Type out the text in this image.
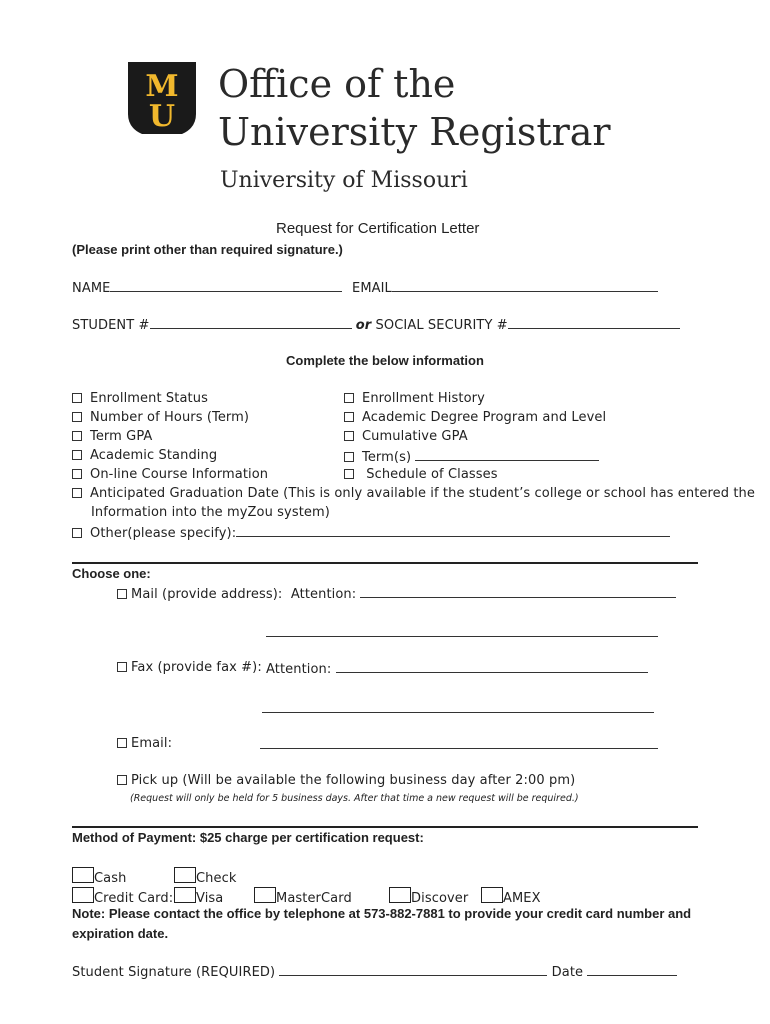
M
U
Office of the
University Registrar
University of Missouri
Request for Certification Letter
(Please print other than required signature.)
NAME	EMAIL
STUDENT #	or SOCIAL SECURITY #
Complete the below information
Enrollment Status
Number of Hours (Term)
Term GPA
Academic Standing
On-line Course Information
Enrollment History
Academic Degree Program and Level
Cumulative GPA
Term(s)
Schedule of Classes
Anticipated Graduation Date (This is only available if the student’s college or school has entered the
Information into the myZou system)
Other(please specify):
Choose one:
Mail (provide address): Attention:
Fax (provide fax #): Attention:
Email:
Pick up (Will be available the following business day after 2:00 pm)
(Request will only be held for 5 business days. After that time a new request will be required.)
Method of Payment: $25 charge per certification request:
Cash	Check
Credit Card:	Visa	MasterCard	Discover	AMEX
Note: Please contact the office by telephone at 573-882-7881 to provide your credit card number and
expiration date.
Student Signature (REQUIRED)	Date
